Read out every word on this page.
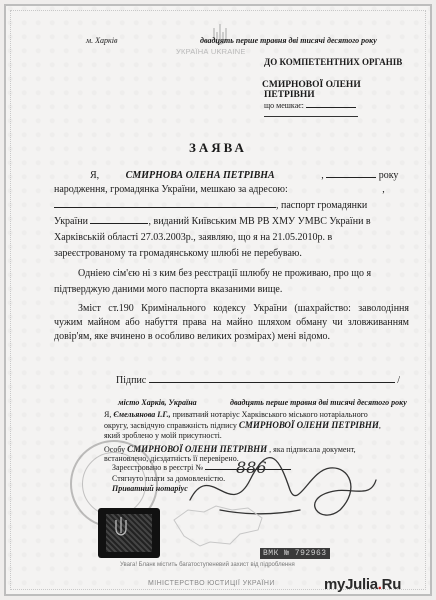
м. Харків	двадцять перше травня дві тисячі десятого року
УКРАЇНА UKRAINE
ДО КОМПЕТЕНТНИХ ОРГАНІВ
СМИРНОВОЇ ОЛЕНИ
ПЕТРІВНИ
що мешкає:
ЗАЯВА
Я,	СМИРНОВА ОЛЕНА ПЕТРІВНА	,	року
народження, громадянка України, мешкаю за адресою:	,
, паспорт громадянки
України	, виданий Київським МВ РВ ХМУ УМВС України в
Харківській області 27.03.2003р., заявляю, що я на 21.05.2010р. в
зареєстрованому та громадянському шлюбі не перебуваю.
Одніею сім'єю ні з ким без реєстрації шлюбу не проживаю, про що я
підтверджую даними мого паспорта вказаними вище.
Зміст ст.190 Кримінального кодексу України (шахрайство: заволодіння чужим майном або набуття права на майно шляхом обману чи зловживанням довір'ям, яке вчинено в особливо великих розмірах) мені відомо.
Підпис	/
місто Харків, Україна	двадцять перше травня дві тисячі десятого року
Я, Ємельянова І.Г., приватний нотаріус Харківського міського нотаріального
округу, засвідчую справжність підпису СМИРНОВОЇ ОЛЕНИ ПЕТРІВНИ,
який зроблено у моїй присутності.
Особу СМИРНОВОЇ ОЛЕНИ ПЕТРІВНИ , яка підписала документ,
встановлено, дієздатність її перевірено.
Зареєстровано в реєстрі №	886
Стягнуто плати за домовленістю.
Приватний нотаріус
ВМК № 792963
Увага! Бланк містить багатоступеневий захист від підроблення
МІНІСТЕРСТВО ЮСТИЦІЇ УКРАЇНИ	myJulia.Ru
